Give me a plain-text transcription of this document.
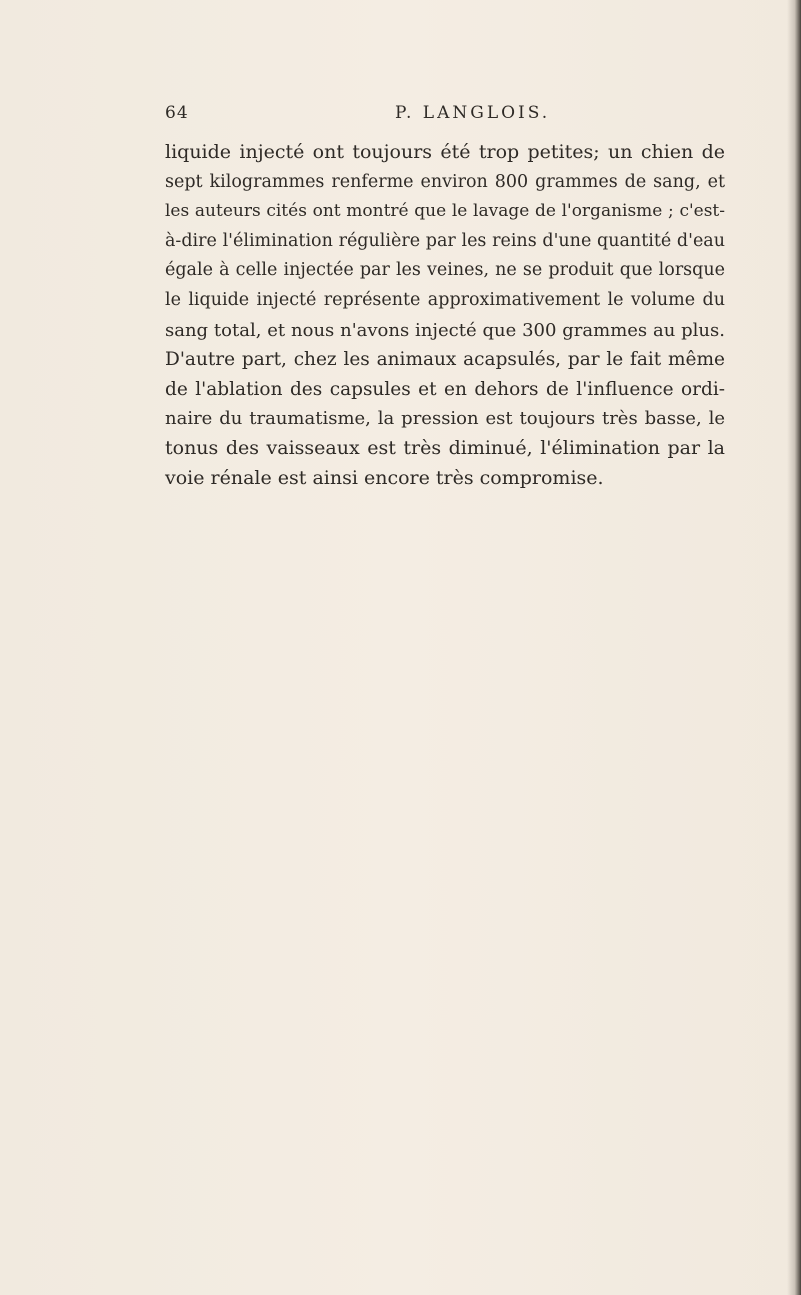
64	P. LANGLOIS.
liquide injecté ont toujours été trop petites; un chien de
sept kilogrammes renferme environ 800 grammes de sang, et
les auteurs cités ont montré que le lavage de l'organisme ; c'est-
à-dire l'élimination régulière par les reins d'une quantité d'eau
égale à celle injectée par les veines, ne se produit que lorsque
le liquide injecté représente approximativement le volume du
sang total, et nous n'avons injecté que 300 grammes au plus.
D'autre part, chez les animaux acapsulés, par le fait même
de l'ablation des capsules et en dehors de l'influence ordi-
naire du traumatisme, la pression est toujours très basse, le
tonus des vaisseaux est très diminué, l'élimination par la
voie rénale est ainsi encore très compromise.
